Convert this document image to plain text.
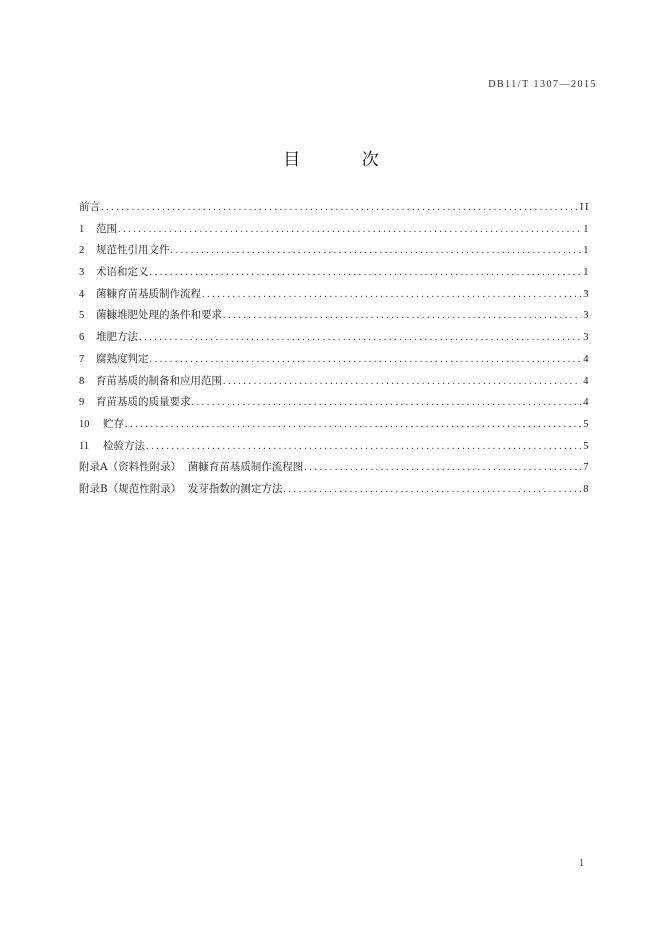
DB11/T 1307—2015
目 次
前言 .....	II
1	范围 .....	1
2	规范性引用文件 .....	1
3	术语和定义 .....	1
4	菌糠育苗基质制作流程 .....	3
5	菌糠堆肥处理的条件和要求 .....	3
6	堆肥方法 .....	3
7	腐熟度判定 .....	4
8	育苗基质的制备和应用范围 .....	4
9	育苗基质的质量要求 .....	4
10	贮存 .....	5
11	检验方法 .....	5
附录A（资料性附录）  菌糠育苗基质制作流程图 .....	7
附录B（规范性附录）  发芽指数的测定方法 .....	8
1
